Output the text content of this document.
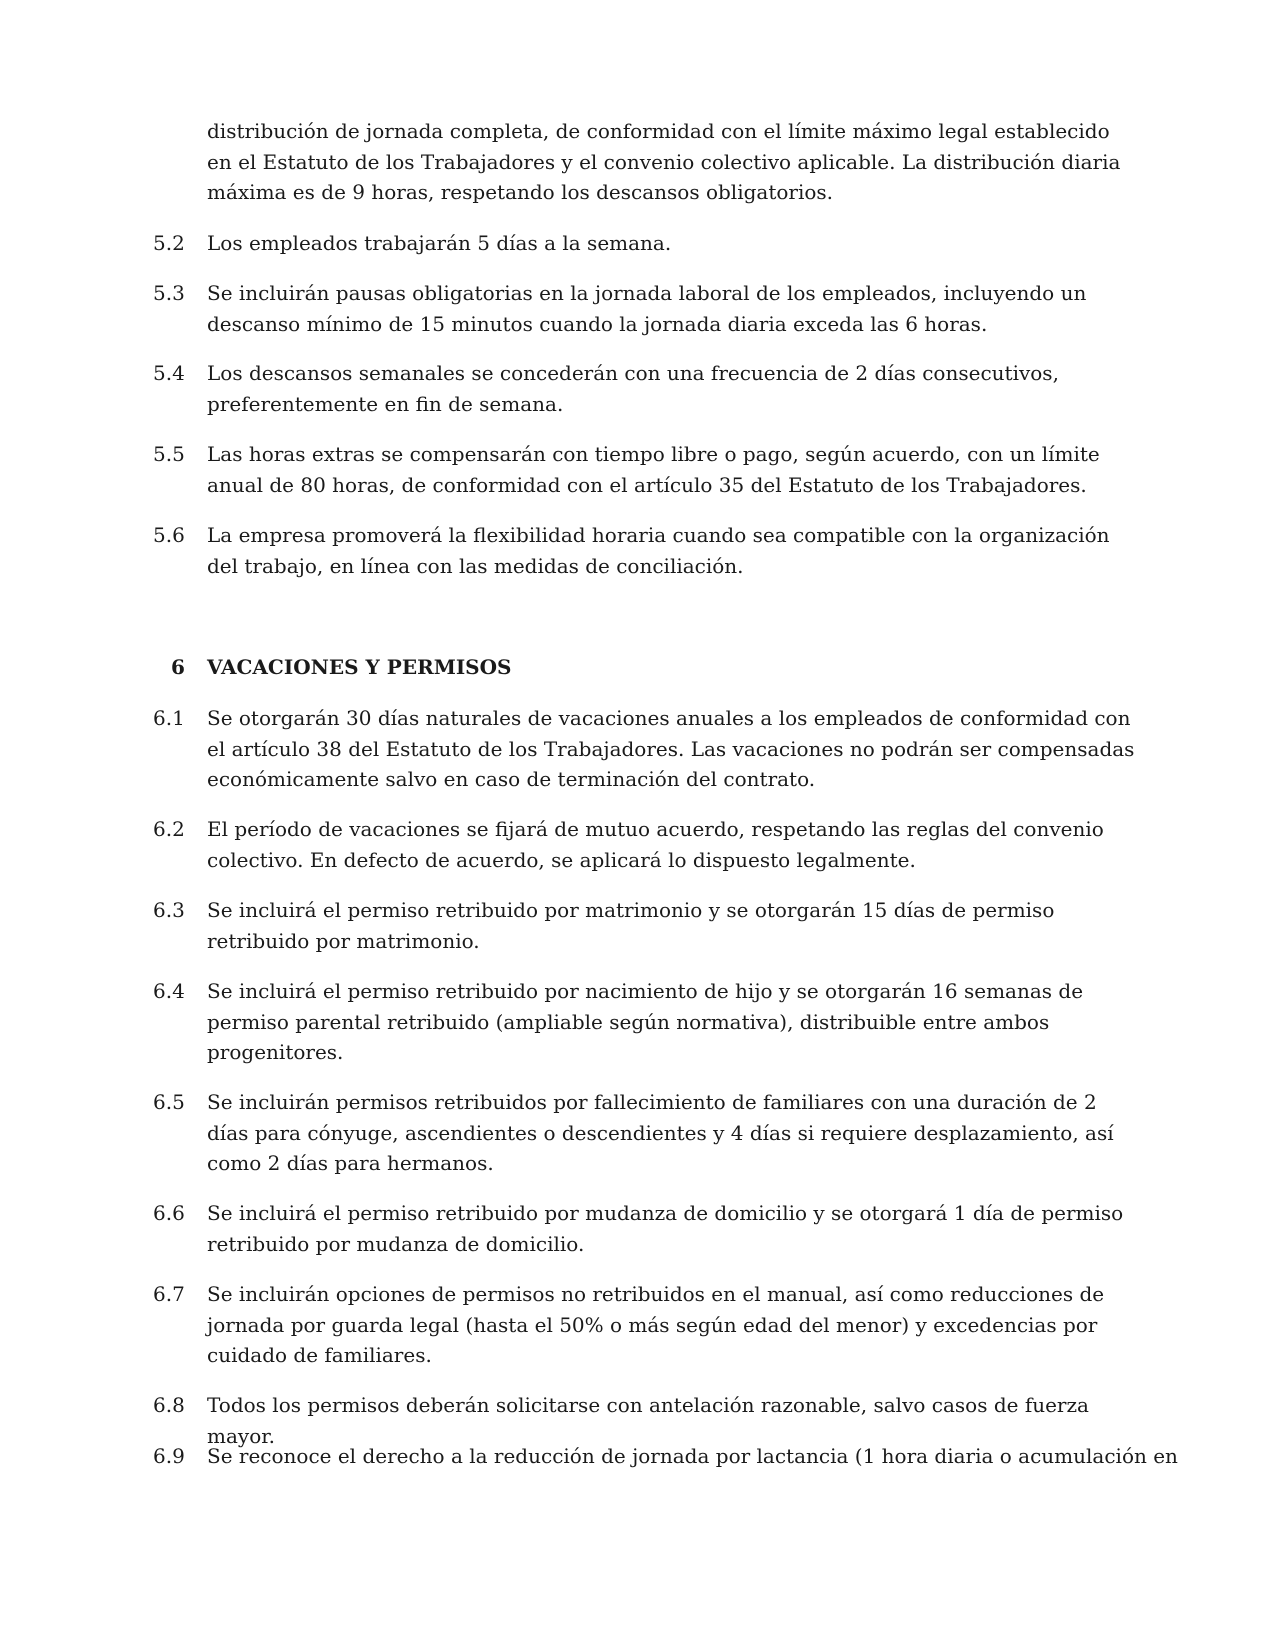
distribución de jornada completa, de conformidad con el límite máximo legal establecido en el Estatuto de los Trabajadores y el convenio colectivo aplicable. La distribución diaria máxima es de 9 horas, respetando los descansos obligatorios.
5.2	Los empleados trabajarán 5 días a la semana.
5.3	Se incluirán pausas obligatorias en la jornada laboral de los empleados, incluyendo un descanso mínimo de 15 minutos cuando la jornada diaria exceda las 6 horas.
5.4	Los descansos semanales se concederán con una frecuencia de 2 días consecutivos, preferentemente en fin de semana.
5.5	Las horas extras se compensarán con tiempo libre o pago, según acuerdo, con un límite anual de 80 horas, de conformidad con el artículo 35 del Estatuto de los Trabajadores.
5.6	La empresa promoverá la flexibilidad horaria cuando sea compatible con la organización del trabajo, en línea con las medidas de conciliación.
6 VACACIONES Y PERMISOS
6.1	Se otorgarán 30 días naturales de vacaciones anuales a los empleados de conformidad con el artículo 38 del Estatuto de los Trabajadores. Las vacaciones no podrán ser compensadas económicamente salvo en caso de terminación del contrato.
6.2	El período de vacaciones se fijará de mutuo acuerdo, respetando las reglas del convenio colectivo. En defecto de acuerdo, se aplicará lo dispuesto legalmente.
6.3	Se incluirá el permiso retribuido por matrimonio y se otorgarán 15 días de permiso retribuido por matrimonio.
6.4	Se incluirá el permiso retribuido por nacimiento de hijo y se otorgarán 16 semanas de permiso parental retribuido (ampliable según normativa), distribuible entre ambos progenitores.
6.5	Se incluirán permisos retribuidos por fallecimiento de familiares con una duración de 2 días para cónyuge, ascendientes o descendientes y 4 días si requiere desplazamiento, así como 2 días para hermanos.
6.6	Se incluirá el permiso retribuido por mudanza de domicilio y se otorgará 1 día de permiso retribuido por mudanza de domicilio.
6.7	Se incluirán opciones de permisos no retribuidos en el manual, así como reducciones de jornada por guarda legal (hasta el 50% o más según edad del menor) y excedencias por cuidado de familiares.
6.8	Todos los permisos deberán solicitarse con antelación razonable, salvo casos de fuerza mayor.
6.9	Se reconoce el derecho a la reducción de jornada por lactancia (1 hora diaria o acumulación en
